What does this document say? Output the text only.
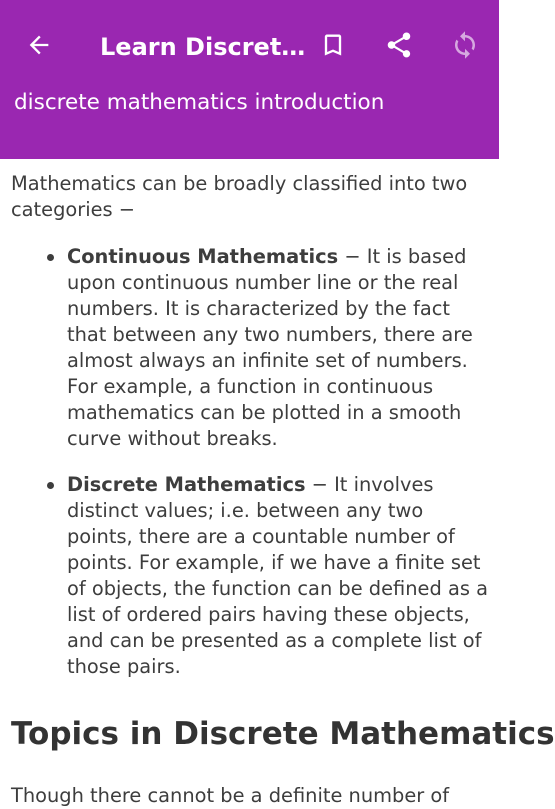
Learn Discret…
discrete mathematics introduction

Mathematics can be broadly classified into two categories −

Continuous Mathematics − It is based upon continuous number line or the real numbers. It is characterized by the fact that between any two numbers, there are almost always an infinite set of numbers. For example, a function in continuous mathematics can be plotted in a smooth curve without breaks.
Discrete Mathematics − It involves distinct values; i.e. between any two points, there are a countable number of points. For example, if we have a finite set of objects, the function can be defined as a list of ordered pairs having these objects, and can be presented as a complete list of those pairs.
Topics in Discrete Mathematics

Though there cannot be a definite number of
